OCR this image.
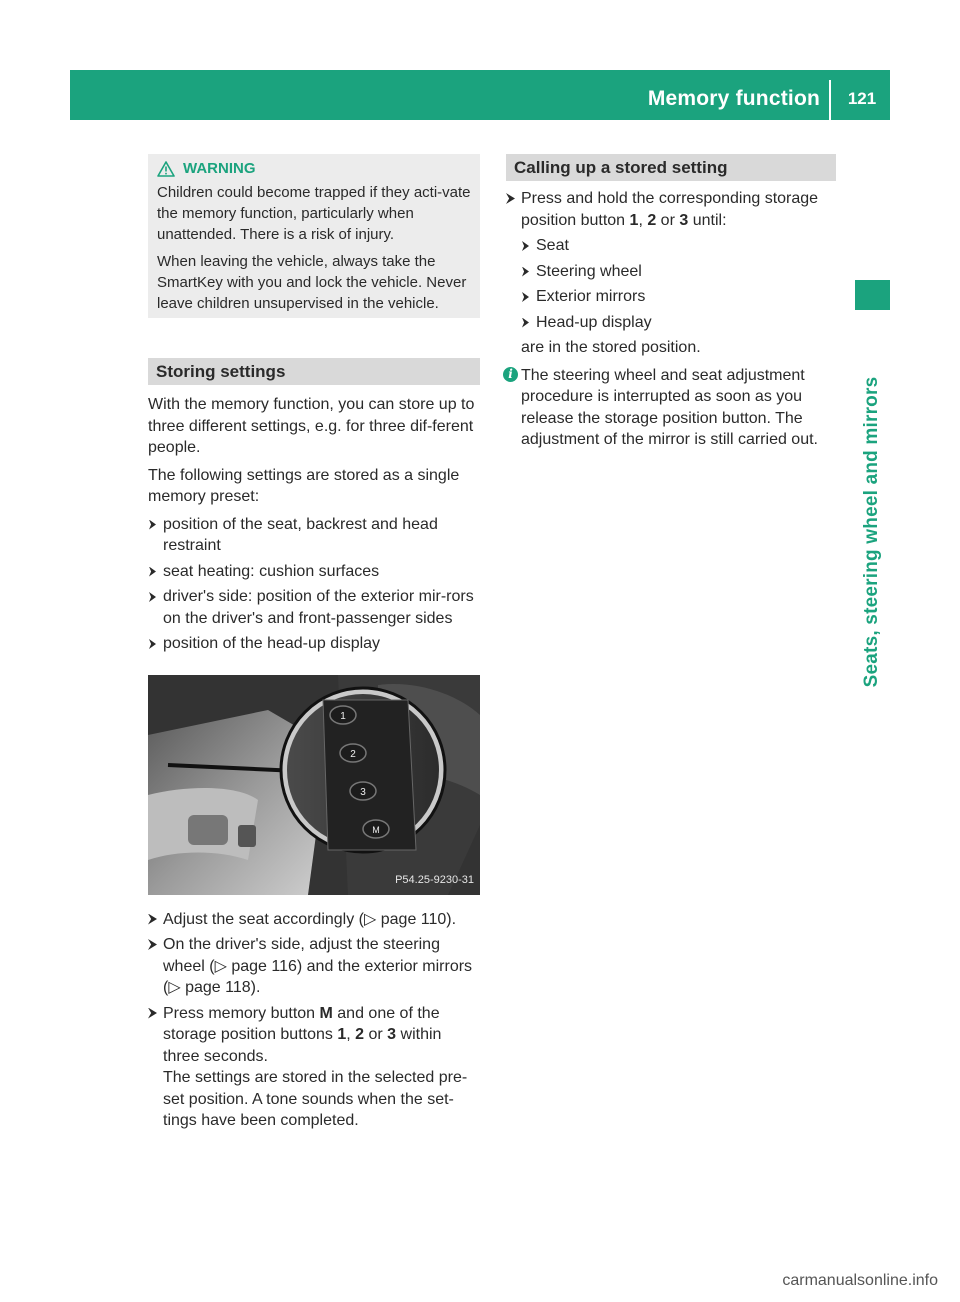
Memory function	121
Seats, steering wheel and mirrors
WARNING

Children could become trapped if they acti-vate the memory function, particularly when unattended. There is a risk of injury.

When leaving the vehicle, always take the SmartKey with you and lock the vehicle. Never leave children unsupervised in the vehicle.

Storing settings

With the memory function, you can store up to three different settings, e.g. for three dif-ferent people.

The following settings are stored as a single memory preset:

position of the seat, backrest and head restraint
seat heating: cushion surfaces
driver's side: position of the exterior mir-rors on the driver's and front-passenger sides
position of the head-up display
1
2
3
M
P54.25-9230-31
Adjust the seat accordingly (▷ page 110).
On the driver's side, adjust the steering wheel (▷ page 116) and the exterior mirrors (▷ page 118).
Press memory button M and one of the storage position buttons 1, 2 or 3 within three seconds.
The settings are stored in the selected pre-set position. A tone sounds when the set-tings have been completed.
Calling up a stored setting
Press and hold the corresponding storage position button 1, 2 or 3 until:
Seat
Steering wheel
Exterior mirrors
Head-up display

are in the stored position.

i The steering wheel and seat adjustment procedure is interrupted as soon as you release the storage position button. The adjustment of the mirror is still carried out.
carmanualsonline.info
